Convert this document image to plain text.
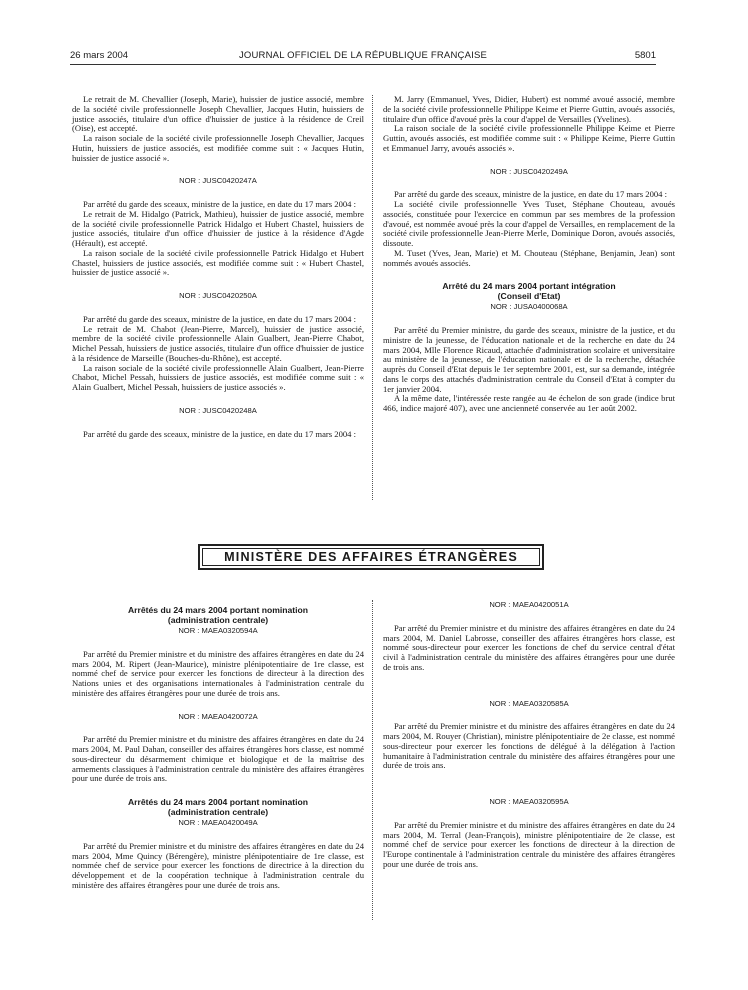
26 mars 2004	JOURNAL OFFICIEL DE LA RÉPUBLIQUE FRANÇAISE	5801

Le retrait de M. Chevallier (Joseph, Marie), huissier de justice associé, membre de la société civile professionnelle Joseph Chevallier, Jacques Hutin, huissiers de justice associés, titulaire d'un office d'huissier de justice à la résidence de Creil (Oise), est accepté.

La raison sociale de la société civile professionnelle Joseph Chevallier, Jacques Hutin, huissiers de justice associés, est modifiée comme suit : « Jacques Hutin, huissier de justice associé ».

NOR : JUSC0420247A

Par arrêté du garde des sceaux, ministre de la justice, en date du 17 mars 2004 :

Le retrait de M. Hidalgo (Patrick, Mathieu), huissier de justice associé, membre de la société civile professionnelle Patrick Hidalgo et Hubert Chastel, huissiers de justice associés, titulaire d'un office d'huissier de justice à la résidence d'Agde (Hérault), est accepté.

La raison sociale de la société civile professionnelle Patrick Hidalgo et Hubert Chastel, huissiers de justice associés, est modifiée comme suit : « Hubert Chastel, huissier de justice associé ».

NOR : JUSC0420250A

Par arrêté du garde des sceaux, ministre de la justice, en date du 17 mars 2004 :

Le retrait de M. Chabot (Jean-Pierre, Marcel), huissier de justice associé, membre de la société civile professionnelle Alain Gualbert, Jean-Pierre Chabot, Michel Pessah, huissiers de justice associés, titulaire d'un office d'huissier de justice à la résidence de Marseille (Bouches-du-Rhône), est accepté.

La raison sociale de la société civile professionnelle Alain Gualbert, Jean-Pierre Chabot, Michel Pessah, huissiers de justice associés, est modifiée comme suit : « Alain Gualbert, Michel Pessah, huissiers de justice associés ».

NOR : JUSC0420248A

Par arrêté du garde des sceaux, ministre de la justice, en date du 17 mars 2004 :

M. Jarry (Emmanuel, Yves, Didier, Hubert) est nommé avoué associé, membre de la société civile professionnelle Philippe Keime et Pierre Guttin, avoués associés, titulaire d'un office d'avoué près la cour d'appel de Versailles (Yvelines).

La raison sociale de la société civile professionnelle Philippe Keime et Pierre Guttin, avoués associés, est modifiée comme suit : « Philippe Keime, Pierre Guttin et Emmanuel Jarry, avoués associés ».

NOR : JUSC0420249A

Par arrêté du garde des sceaux, ministre de la justice, en date du 17 mars 2004 :

La société civile professionnelle Yves Tuset, Stéphane Chouteau, avoués associés, constituée pour l'exercice en commun par ses membres de la profession d'avoué, est nommée avoué près la cour d'appel de Versailles, en remplacement de la société civile professionnelle Jean-Pierre Merle, Dominique Doron, avoués associés, dissoute.

M. Tuset (Yves, Jean, Marie) et M. Chouteau (Stéphane, Benjamin, Jean) sont nommés avoués associés.

Arrêté du 24 mars 2004 portant intégration
(Conseil d'Etat)
NOR : JUSA0400068A

Par arrêté du Premier ministre, du garde des sceaux, ministre de la justice, et du ministre de la jeunesse, de l'éducation nationale et de la recherche en date du 24 mars 2004, Mlle Florence Ricaud, attachée d'administration scolaire et universitaire au ministère de la jeunesse, de l'éducation nationale et de la recherche, détachée auprès du Conseil d'Etat depuis le 1er septembre 2001, est, sur sa demande, intégrée dans le corps des attachés d'administration centrale du Conseil d'Etat à compter du 1er janvier 2004.

A la même date, l'intéressée reste rangée au 4e échelon de son grade (indice brut 466, indice majoré 407), avec une ancienneté conservée au 1er août 2002.

MINISTÈRE DES AFFAIRES ÉTRANGÈRES
Arrêtés du 24 mars 2004 portant nomination
(administration centrale)
NOR : MAEA0320594A

Par arrêté du Premier ministre et du ministre des affaires étrangères en date du 24 mars 2004, M. Ripert (Jean-Maurice), ministre plénipotentiaire de 1re classe, est nommé chef de service pour exercer les fonctions de directeur à la direction des Nations unies et des organisations internationales à l'administration centrale du ministère des affaires étrangères pour une durée de trois ans.

NOR : MAEA0420072A

Par arrêté du Premier ministre et du ministre des affaires étrangères en date du 24 mars 2004, M. Paul Dahan, conseiller des affaires étrangères hors classe, est nommé sous-directeur du désarmement chimique et biologique et de la maîtrise des armements classiques à l'administration centrale du ministère des affaires étrangères pour une durée de trois ans.

Arrêtés du 24 mars 2004 portant nomination
(administration centrale)
NOR : MAEA0420049A

Par arrêté du Premier ministre et du ministre des affaires étrangères en date du 24 mars 2004, Mme Quincy (Bérengère), ministre plénipotentiaire de 1re classe, est nommée chef de service pour exercer les fonctions de directrice à la direction du développement et de la coopération technique à l'administration centrale du ministère des affaires étrangères pour une durée de trois ans.

NOR : MAEA0420051A

Par arrêté du Premier ministre et du ministre des affaires étrangères en date du 24 mars 2004, M. Daniel Labrosse, conseiller des affaires étrangères hors classe, est nommé sous-directeur pour exercer les fonctions de chef du service central d'état civil à l'administration centrale du ministère des affaires étrangères pour une durée de trois ans.

NOR : MAEA0320585A

Par arrêté du Premier ministre et du ministre des affaires étrangères en date du 24 mars 2004, M. Rouyer (Christian), ministre plénipotentiaire de 2e classe, est nommé sous-directeur pour exercer les fonctions de délégué à la délégation à l'action humanitaire à l'administration centrale du ministère des affaires étrangères pour une durée de trois ans.

NOR : MAEA0320595A

Par arrêté du Premier ministre et du ministre des affaires étrangères en date du 24 mars 2004, M. Terral (Jean-François), ministre plénipotentiaire de 2e classe, est nommé chef de service pour exercer les fonctions de directeur à la direction de l'Europe continentale à l'administration centrale du ministère des affaires étrangères pour une durée de trois ans.
